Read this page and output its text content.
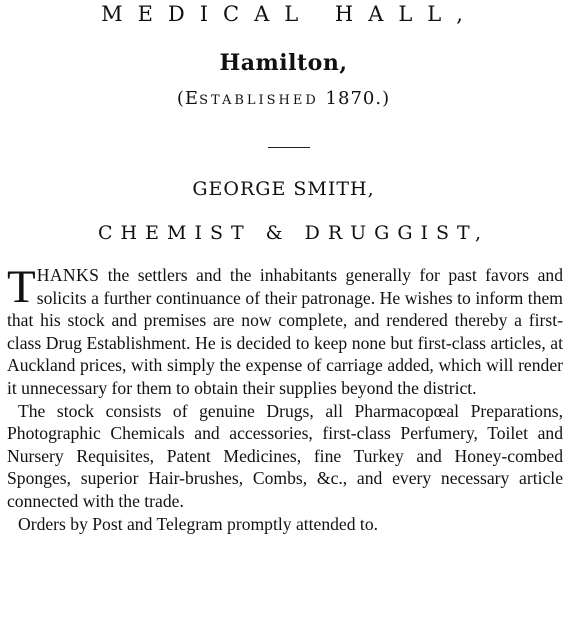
MEDICAL HALL,
Hamilton,
(ESTABLISHED 1870.)
GEORGE SMITH,
CHEMIST & DRUGGIST,

THANKS the settlers and the inhabitants generally for past favors and solicits a further continuance of their patronage. He wishes to inform them that his stock and premises are now complete, and rendered thereby a first-class Drug Establishment. He is decided to keep none but first-class articles, at Auckland prices, with simply the expense of carriage added, which will render it unnecessary for them to obtain their supplies beyond the district.

The stock consists of genuine Drugs, all Pharmacopœal Preparations, Photographic Chemicals and accessories, first-class Perfumery, Toilet and Nursery Requisites, Patent Medicines, fine Turkey and Honey-combed Sponges, superior Hair-brushes, Combs, &c., and every necessary article connected with the trade.

Orders by Post and Telegram promptly attended to.
